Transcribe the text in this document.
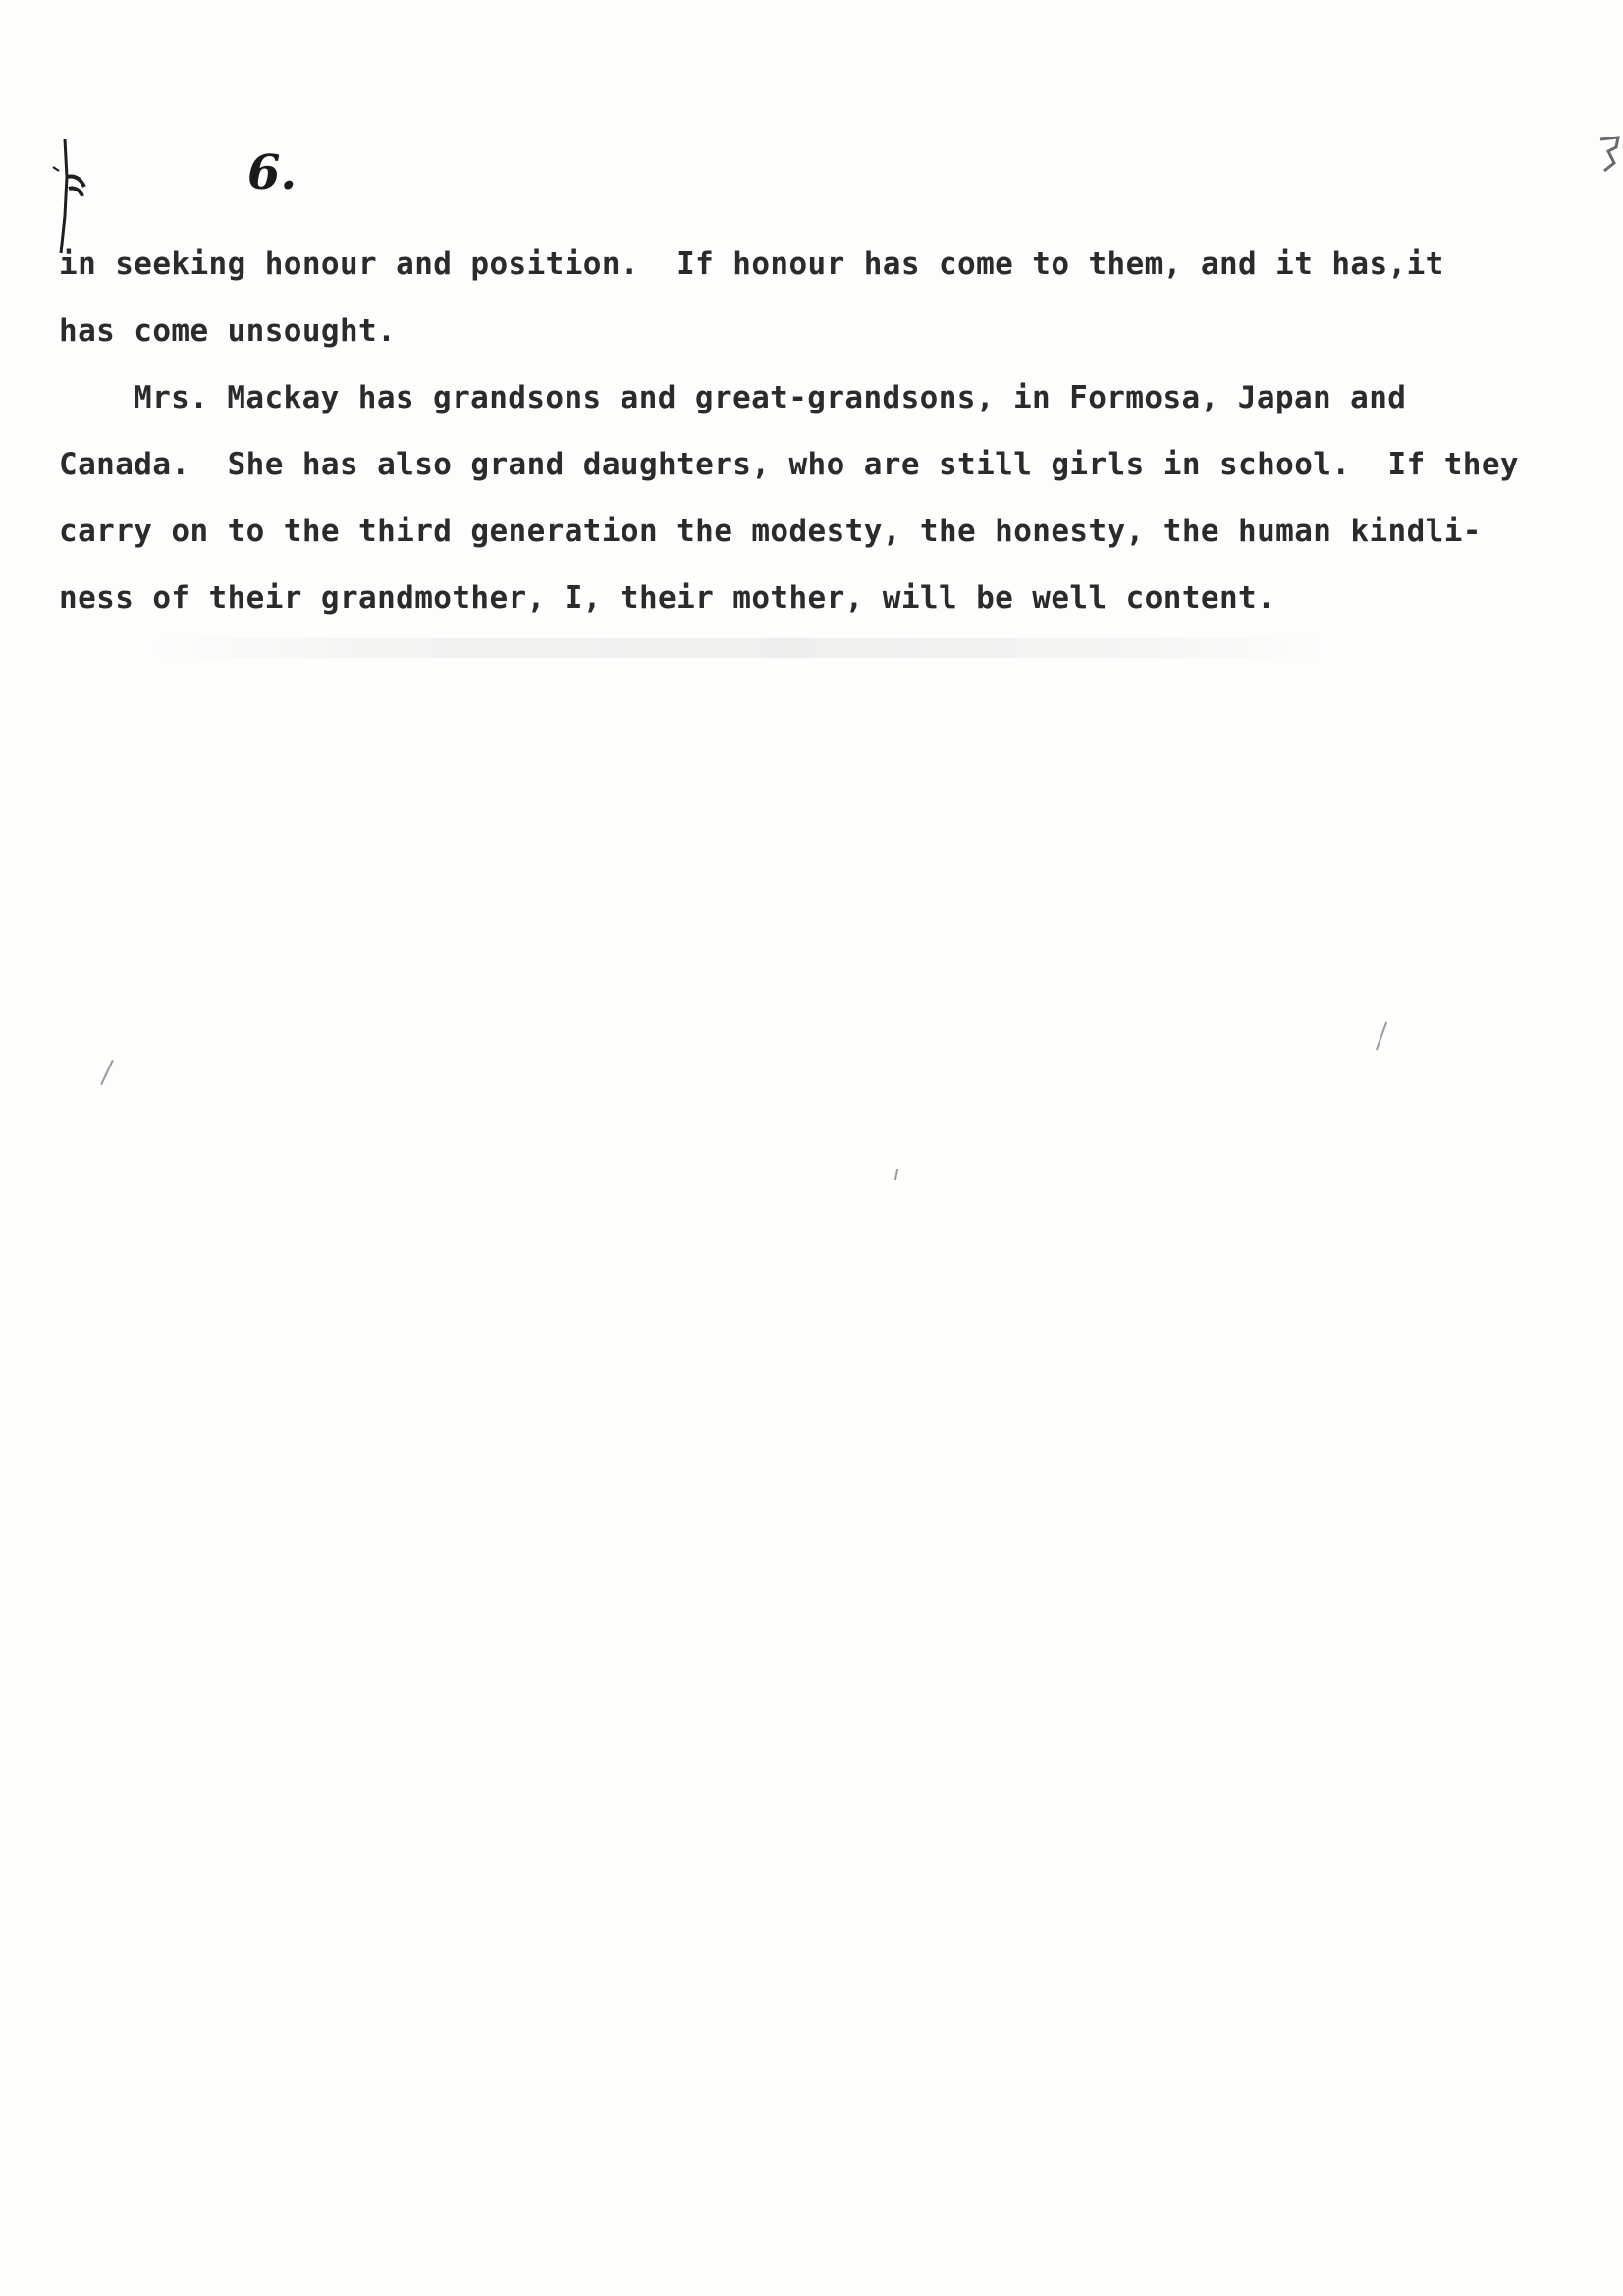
6.
in seeking honour and position.  If honour has come to them, and it has,it
has come unsought.
Mrs. Mackay has grandsons and great-grandsons, in Formosa, Japan and
Canada.  She has also grand daughters, who are still girls in school.  If they
carry on to the third generation the modesty, the honesty, the human kindli-
ness of their grandmother, I, their mother, will be well content.
